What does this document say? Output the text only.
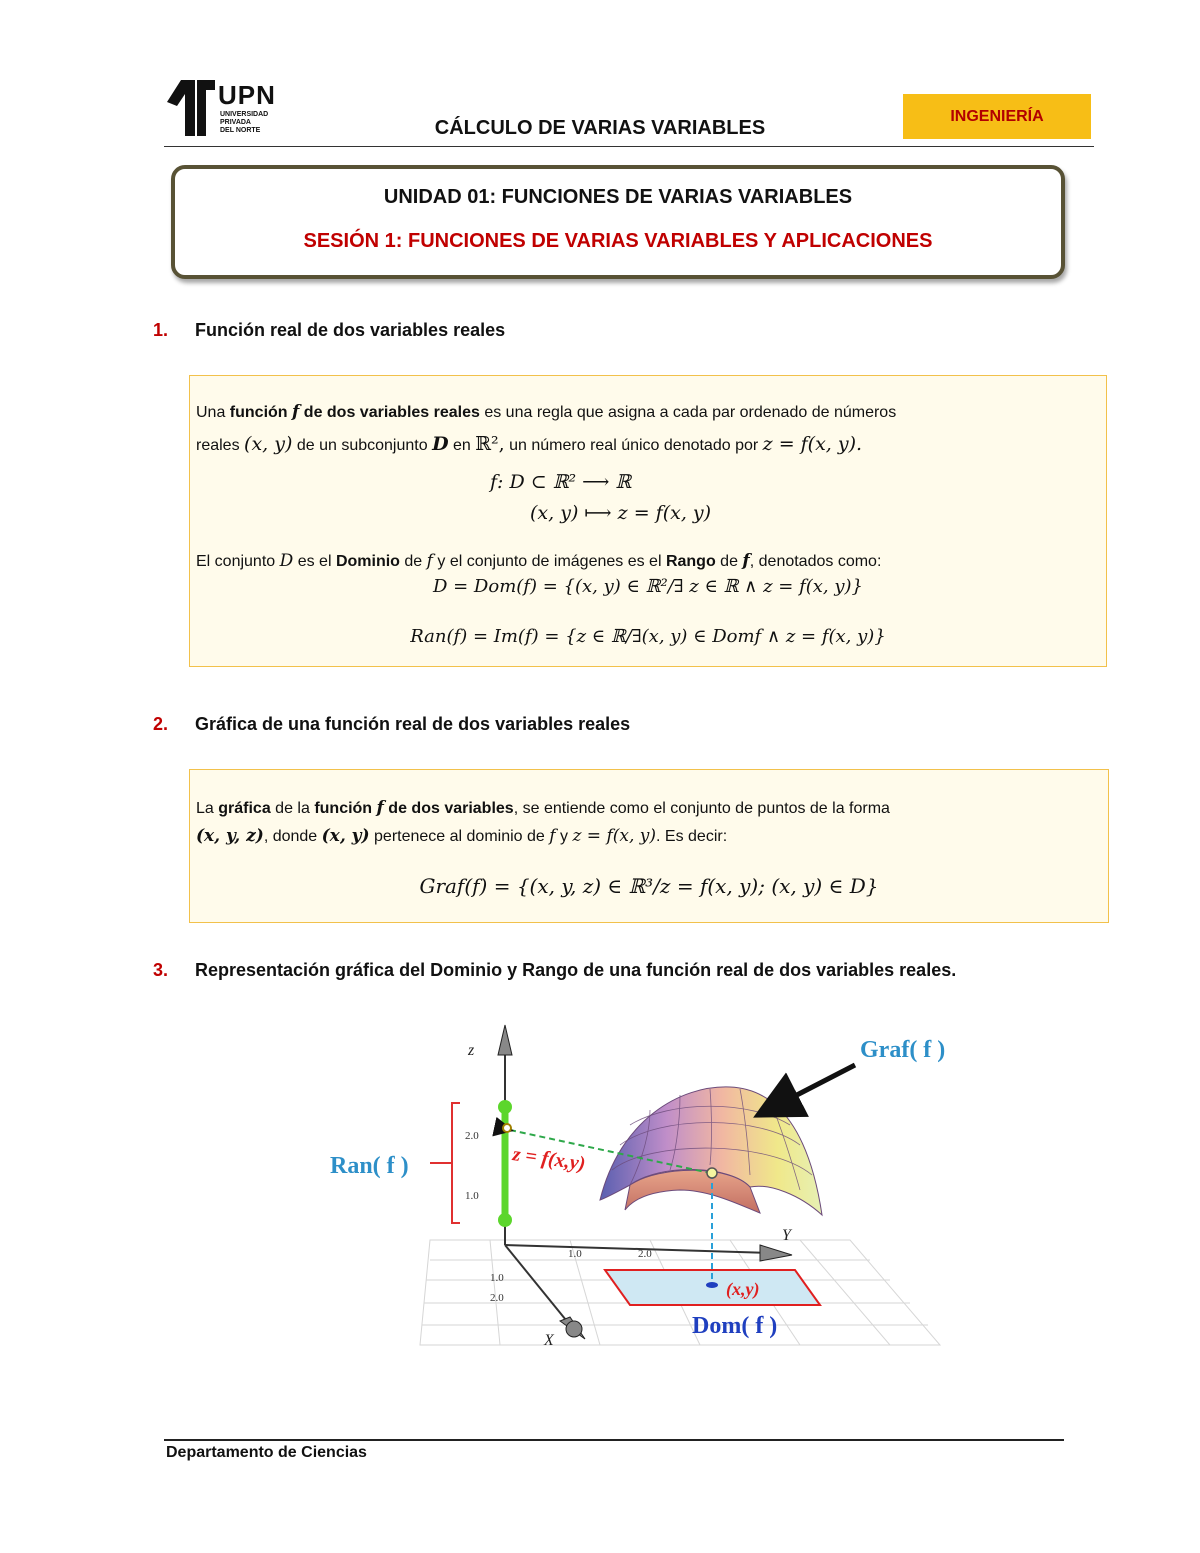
UPN
UNIVERSIDAD
PRIVADA
DEL NORTE	CÁLCULO DE VARIAS VARIABLES
INGENIERÍA
UNIDAD 01: FUNCIONES DE VARIAS VARIABLES
SESIÓN 1: FUNCIONES DE VARIAS VARIABLES Y APLICACIONES
1. Función real de dos variables reales
Una función f de dos variables reales es una regla que asigna a cada par ordenado de números
reales (x, y) de un subconjunto D en ℝ², un número real único denotado por z = f(x, y).
f: D ⊂ ℝ² ⟶ ℝ
(x, y) ⟼ z = f(x, y)
El conjunto D es el Dominio de f y el conjunto de imágenes es el Rango de f, denotados como:
D = Dom(f) = {(x, y) ∈ ℝ²/∃ z ∈ ℝ ∧ z = f(x, y)}
Ran(f) = Im(f) = {z ∈ ℝ/∃(x, y) ∈ Domf ∧ z = f(x, y)}
2. Gráfica de una función real de dos variables reales
La gráfica de la función f de dos variables, se entiende como el conjunto de puntos de la forma
(x, y, z), donde (x, y) pertenece al dominio de f y z = f(x, y). Es decir:
Graf(f) = {(x, y, z) ∈ ℝ³/z = f(x, y); (x, y) ∈ D}
3. Representación gráfica del Dominio y Rango de una función real de dos variables reales.
z
Y
X
2.0
1.0
1.0	2.0
1.0
2.0
Graf( f )
Ran( f )
Dom( f )
z = f(x,y)
(x,y)
Departamento de Ciencias
